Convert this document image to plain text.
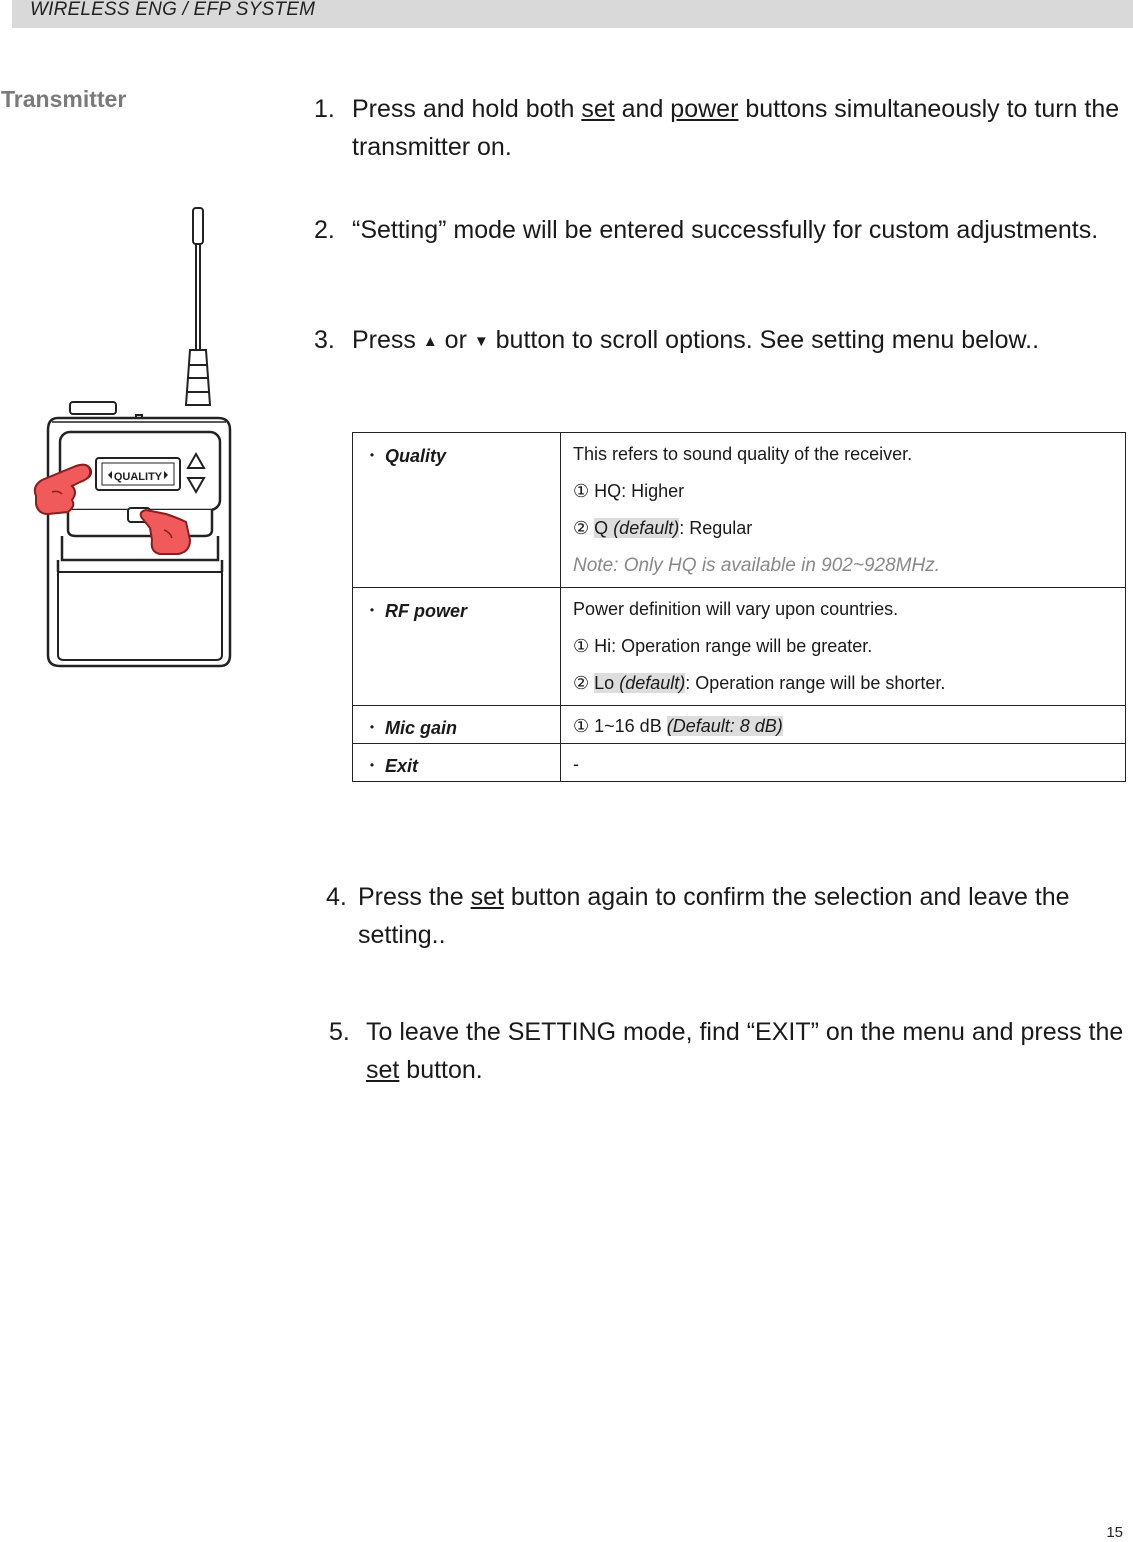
WIRELESS ENG / EFP SYSTEM
Transmitter
QUALITY
1. Press and hold both set and power buttons simultaneously to turn the transmitter on.
2. “Setting” mode will be entered successfully for custom adjustments.
3. Press ▲ or ▼ button to scroll options. See setting menu below..
・ Quality	This refers to sound quality of the receiver.
① HQ: Higher
② Q (default): Regular
Note: Only HQ is available in 902~928MHz.

・ RF power	Power definition will vary upon countries.
① Hi: Operation range will be greater.
② Lo (default): Operation range will be shorter.

・ Mic gain	① 1~16 dB (Default: 8 dB)

・ Exit	-
4. Press the set button again to confirm the selection and leave the setting..
5. To leave the SETTING mode, find “EXIT” on the menu and press the set button.
15
